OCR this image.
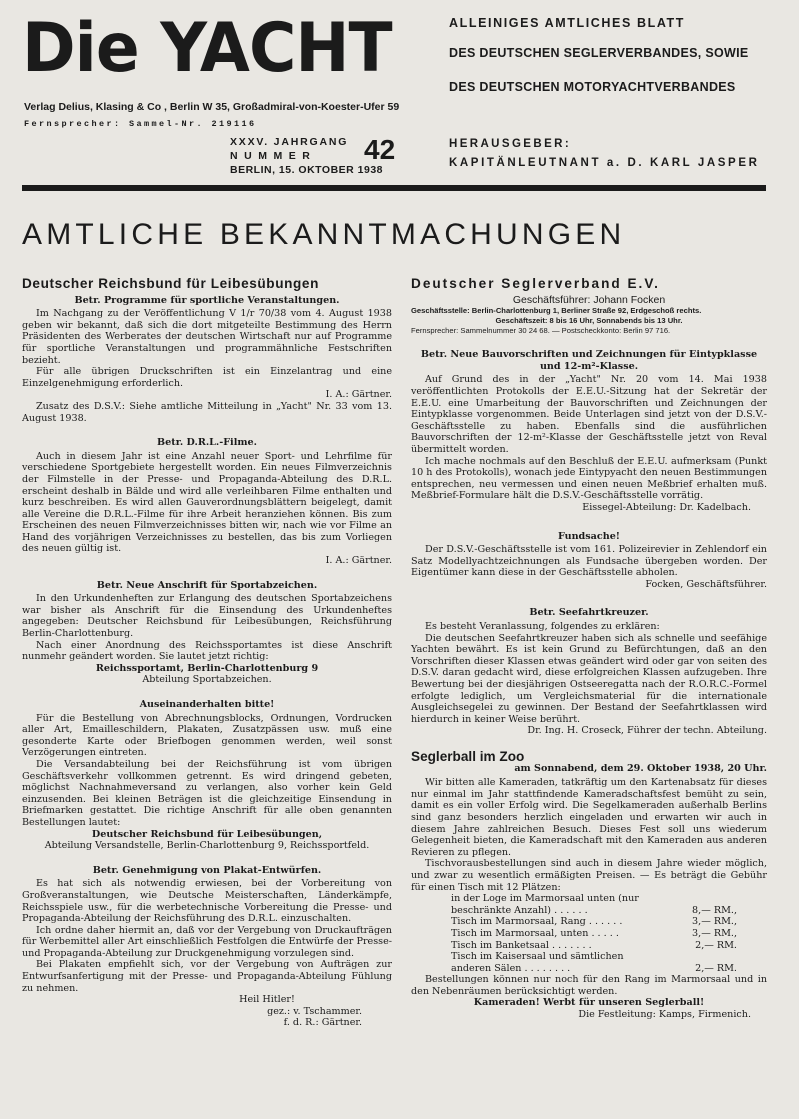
Die YACHT	ALLEINIGES AMTLICHES BLATT
DES DEUTSCHEN SEGLERVERBANDES, SOWIE
DES DEUTSCHEN MOTORYACHTVERBANDES
Verlag Delius, Klasing & Co , Berlin W 35, Großadmiral-von-Koester-Ufer 59
Fernsprecher: Sammel-Nr. 219116
XXXV. JAHRGANG
N U M M E R
BERLIN, 15. OKTOBER 1938
42	HERAUSGEBER:
KAPITÄNLEUTNANT a. D. KARL JASPER
AMTLICHE BEKANNTMACHUNGEN
Deutscher Reichsbund für Leibesübungen
Betr. Programme für sportliche Veranstaltungen.

Im Nachgang zu der Veröffentlichung V 1/r 70/38 vom 4. August 1938 geben wir bekannt, daß sich die dort mitgeteilte Bestimmung des Herrn Präsidenten des Werberates der deutschen Wirtschaft nur auf Programme für sportliche Veranstaltungen und programmähnliche Festschriften bezieht.

Für alle übrigen Druckschriften ist ein Einzelantrag und eine Einzelgenehmigung erforderlich.

I. A.: Gärtner.

Zusatz des D.S.V.: Siehe amtliche Mitteilung in „Yacht" Nr. 33 vom 13. August 1938.

Betr. D.R.L.-Filme.

Auch in diesem Jahr ist eine Anzahl neuer Sport- und Lehrfilme für verschiedene Sportgebiete hergestellt worden. Ein neues Filmverzeichnis der Filmstelle in der Presse- und Propaganda-Abteilung des D.R.L. erscheint deshalb in Bälde und wird alle verleihbaren Filme enthalten und kurz beschreiben. Es wird allen Gauverordnungsblättern beigelegt, damit alle Vereine die D.R.L.-Filme für ihre Arbeit heranziehen können. Bis zum Erscheinen des neuen Filmverzeichnisses bitten wir, nach wie vor Filme an Hand des vorjährigen Verzeichnisses zu bestellen, das bis zum Vorliegen des neuen gültig ist.

I. A.: Gärtner.

Betr. Neue Anschrift für Sportabzeichen.

In den Urkundenheften zur Erlangung des deutschen Sportabzeichens war bisher als Anschrift für die Einsendung des Urkundenheftes angegeben: Deutscher Reichsbund für Leibesübungen, Reichsführung Berlin-Charlottenburg.

Nach einer Anordnung des Reichssportamtes ist diese Anschrift nunmehr geändert worden. Sie lautet jetzt richtig:

Reichssportamt, Berlin-Charlottenburg 9

Abteilung Sportabzeichen.

Auseinanderhalten bitte!

Für die Bestellung von Abrechnungsblocks, Ordnungen, Vordrucken aller Art, Emailleschildern, Plakaten, Zusatzpässen usw. muß eine gesonderte Karte oder Briefbogen genommen werden, weil sonst Verzögerungen eintreten.

Die Versandabteilung bei der Reichsführung ist vom übrigen Geschäftsverkehr vollkommen getrennt. Es wird dringend gebeten, möglichst Nachnahmeversand zu verlangen, also vorher kein Geld einzusenden. Bei kleinen Beträgen ist die gleichzeitige Einsendung in Briefmarken gestattet. Die richtige Anschrift für alle oben genannten Bestellungen lautet:

Deutscher Reichsbund für Leibesübungen,

Abteilung Versandstelle, Berlin-Charlottenburg 9, Reichssportfeld.

Betr. Genehmigung von Plakat-Entwürfen.

Es hat sich als notwendig erwiesen, bei der Vorbereitung von Großveranstaltungen, wie Deutsche Meisterschaften, Länderkämpfe, Reichsspiele usw., für die werbetechnische Vorbereitung die Presse- und Propaganda-Abteilung der Reichsführung des D.R.L. einzuschalten.

Ich ordne daher hiermit an, daß vor der Vergebung von Druckaufträgen für Werbemittel aller Art einschließlich Festfolgen die Entwürfe der Presse- und Propaganda-Abteilung zur Druckgenehmigung vorzulegen sind.

Bei Plakaten empfiehlt sich, vor der Vergebung von Aufträgen zur Entwurfsanfertigung mit der Presse- und Propaganda-Abteilung Fühlung zu nehmen.

Heil Hitler!

gez.: v. Tschammer.

f. d. R.: Gärtner.

Deutscher Seglerverband E.V.

Geschäftsführer: Johann Focken

Geschäftsstelle: Berlin-Charlottenburg 1, Berliner Straße 92, Erdgeschoß rechts.
Geschäftszeit: 8 bis 16 Uhr, Sonnabends bis 13 Uhr.
Fernsprecher: Sammelnummer 30 24 68. — Postscheckkonto: Berlin 97 716.
Betr. Neue Bauvorschriften und Zeichnungen für Eintypklasse und 12-m²-Klasse.

Auf Grund des in der „Yacht" Nr. 20 vom 14. Mai 1938 veröffentlichten Protokolls der E.E.U.-Sitzung hat der Sekretär der E.E.U. eine Umarbeitung der Bauvorschriften und Zeichnungen der Eintypklasse vorgenommen. Beide Unterlagen sind jetzt von der D.S.V.-Geschäftsstelle zu haben. Ebenfalls sind die ausführlichen Bauvorschriften der 12-m²-Klasse der Geschäftsstelle jetzt von Reval übermittelt worden.

Ich mache nochmals auf den Beschluß der E.E.U. aufmerksam (Punkt 10 h des Protokolls), wonach jede Eintypyacht den neuen Bestimmungen entsprechen, neu vermessen und einen neuen Meßbrief erhalten muß. Meßbrief-Formulare hält die D.S.V.-Geschäftsstelle vorrätig.

Eissegel-Abteilung: Dr. Kadelbach.

Fundsache!

Der D.S.V.-Geschäftsstelle ist vom 161. Polizeirevier in Zehlendorf ein Satz Modellyachtzeichnungen als Fundsache übergeben worden. Der Eigentümer kann diese in der Geschäftsstelle abholen.

Focken, Geschäftsführer.

Betr. Seefahrtkreuzer.

Es besteht Veranlassung, folgendes zu erklären:

Die deutschen Seefahrtkreuzer haben sich als schnelle und seefähige Yachten bewährt. Es ist kein Grund zu Befürchtungen, daß an den Vorschriften dieser Klassen etwas geändert wird oder gar von seiten des D.S.V. daran gedacht wird, diese erfolgreichen Klassen aufzugeben. Ihre Bewertung bei der diesjährigen Ostseeregatta nach der R.O.R.C.-Formel erfolgte lediglich, um Vergleichsmaterial für die internationale Ausgleichsegelei zu gewinnen. Der Bestand der Seefahrtklassen wird hierdurch in keiner Weise berührt.

Dr. Ing. H. Croseck, Führer der techn. Abteilung.

Seglerball im Zoo

am Sonnabend, dem 29. Oktober 1938, 20 Uhr.

Wir bitten alle Kameraden, tatkräftig um den Kartenabsatz für dieses nur einmal im Jahr stattfindende Kameradschaftsfest bemüht zu sein, damit es ein voller Erfolg wird. Die Segelkameraden außerhalb Berlins sind ganz besonders herzlich eingeladen und erwarten wir auch in diesem Jahre zahlreichen Besuch. Dieses Fest soll uns wiederum Gelegenheit bieten, die Kameradschaft mit den Kameraden aus anderen Revieren zu pflegen.

Tischvorausbestellungen sind auch in diesem Jahre wieder möglich, und zwar zu wesentlich ermäßigten Preisen. — Es beträgt die Gebühr für einen Tisch mit 12 Plätzen:

in der Loge im Marmorsaal unten (nur beschränkte Anzahl) . . . . . .	8,— RM.,
Tisch im Marmorsaal, Rang . . . . . .	3,— RM.,
Tisch im Marmorsaal, unten . . . . .	3,— RM.,
Tisch im Banketsaal . . . . . . .	2,— RM.
Tisch im Kaisersaal und sämtlichen anderen Sälen . . . . . . . .	2,— RM.

Bestellungen können nur noch für den Rang im Marmorsaal und in den Nebenräumen berücksichtigt werden.

Kameraden! Werbt für unseren Seglerball!

Die Festleitung: Kamps, Firmenich.
